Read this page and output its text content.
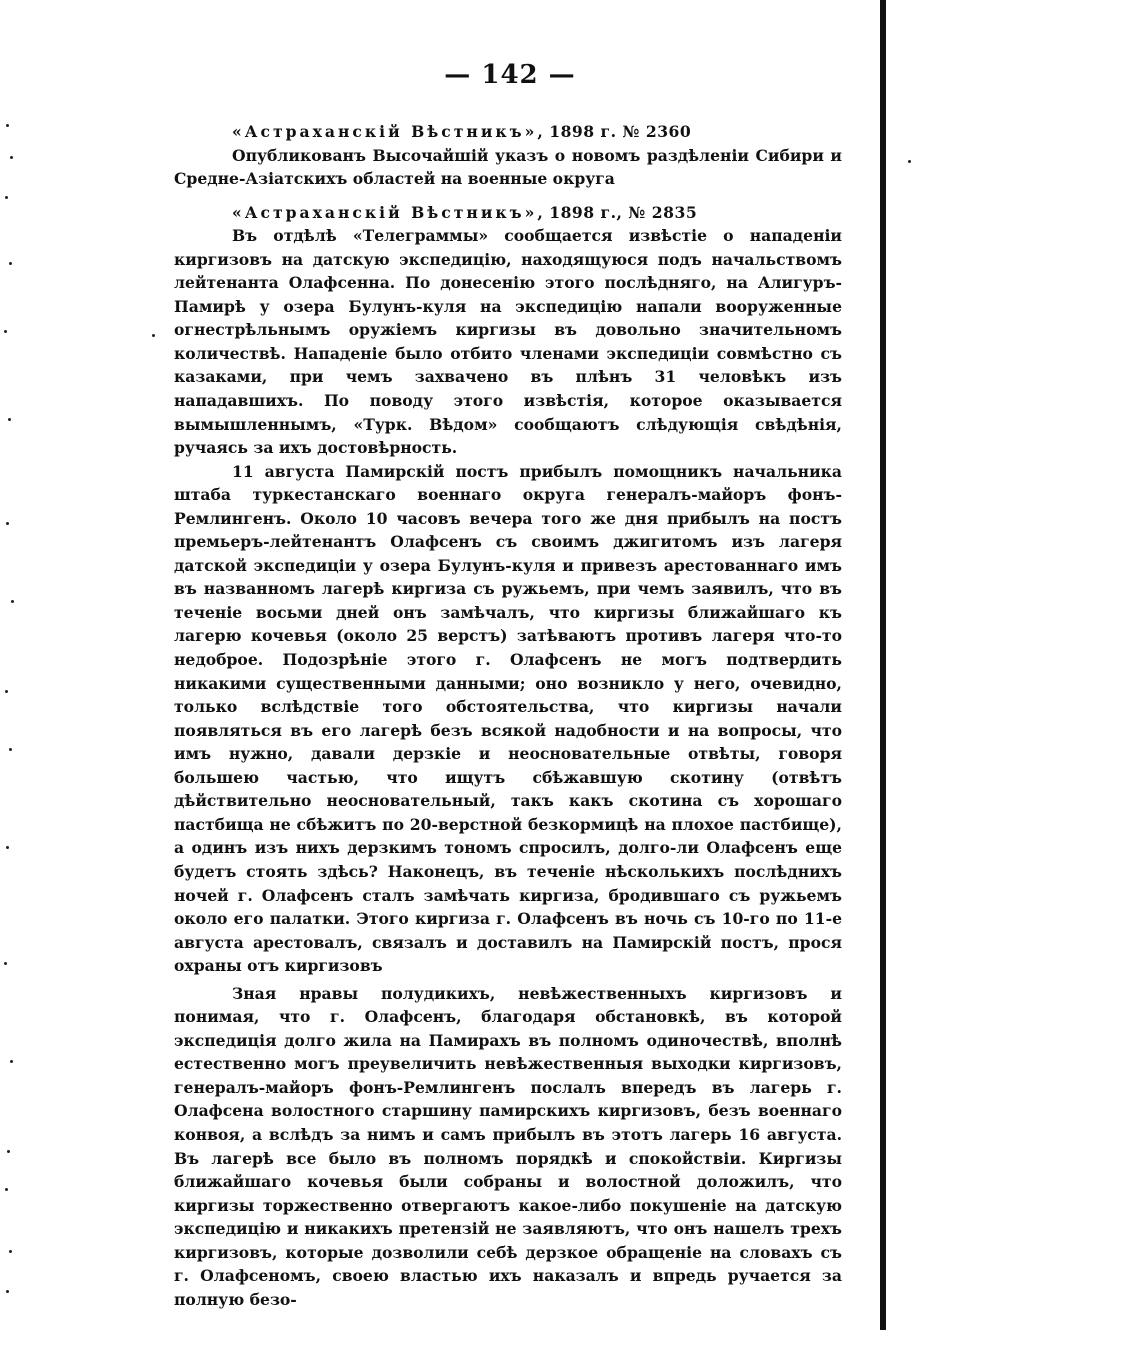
— 142 —

«Астраханскій Вѣстникъ», 1898 г. № 2360

Опубликованъ Высочайшій указъ о новомъ раздѣленіи Сибири и Средне-Азіатскихъ областей на военные округа

«Астраханскій Вѣстникъ», 1898 г., № 2835

Въ отдѣлѣ «Телеграммы» сообщается извѣстіе о нападеніи киргизовъ на датскую экспедицію, находящуюся подъ начальствомъ лейтенанта Олафсенна. По донесенію этого послѣдняго, на Алигуръ-Памирѣ у озера Булунъ-куля на экспедицію напали вооруженные огнестрѣльнымъ оружіемъ киргизы въ довольно значительномъ количествѣ. Нападеніе было отбито членами экспедиціи совмѣстно съ казаками, при чемъ захвачено въ плѣнъ 31 человѣкъ изъ нападавшихъ. По поводу этого извѣстія, которое оказывается вымышленнымъ, «Турк. Вѣдом» сообщаютъ слѣдующія свѣдѣнія, ручаясь за ихъ достовѣрность.

11 августа Памирскій постъ прибылъ помощникъ начальника штаба туркестанскаго военнаго округа генералъ-майоръ фонъ-Ремлингенъ. Около 10 часовъ вечера того же дня прибылъ на постъ премьеръ-лейтенантъ Олафсенъ съ своимъ джигитомъ изъ лагеря датской экспедиціи у озера Булунъ-куля и привезъ арестованнаго имъ въ названномъ лагерѣ киргиза съ ружьемъ, при чемъ заявилъ, что въ теченіе восьми дней онъ замѣчалъ, что киргизы ближайшаго къ лагерю кочевья (около 25 верстъ) затѣваютъ противъ лагеря что-то недоброе. Подозрѣніе этого г. Олафсенъ не могъ подтвердить никакими существенными данными; оно возникло у него, очевидно, только вслѣдствіе того обстоятельства, что киргизы начали появляться въ его лагерѣ безъ всякой надобности и на вопросы, что имъ нужно, давали дерзкіе и неосновательные отвѣты, говоря большею частью, что ищутъ сбѣжавшую скотину (отвѣтъ дѣйствительно неосновательный, такъ какъ скотина съ хорошаго пастбища не сбѣжитъ по 20-верстной безкормицѣ на плохое пастбище), а одинъ изъ нихъ дерзкимъ тономъ спросилъ, долго-ли Олафсенъ еще будетъ стоять здѣсь? Наконецъ, въ теченіе нѣсколькихъ послѣднихъ ночей г. Олафсенъ сталъ замѣчать киргиза, бродившаго съ ружьемъ около его палатки. Этого киргиза г. Олафсенъ въ ночь съ 10-го по 11-е августа арестовалъ, связалъ и доставилъ на Памирскій постъ, прося охраны отъ киргизовъ

Зная нравы полудикихъ, невѣжественныхъ киргизовъ и понимая, что г. Олафсенъ, благодаря обстановкѣ, въ которой экспедиція долго жила на Памирахъ въ полномъ одиночествѣ, вполнѣ естественно могъ преувеличить невѣжественныя выходки киргизовъ, генералъ-майоръ фонъ-Ремлингенъ послалъ впередъ въ лагерь г. Олафсена волостного старшину памирскихъ киргизовъ, безъ военнаго конвоя, а вслѣдъ за нимъ и самъ прибылъ въ этотъ лагерь 16 августа. Въ лагерѣ все было въ полномъ порядкѣ и спокойствіи. Киргизы ближайшаго кочевья были собраны и волостной доложилъ, что киргизы торжественно отвергаютъ какое-либо покушеніе на датскую экспедицію и никакихъ претензій не заявляютъ, что онъ нашелъ трехъ киргизовъ, которые дозволили себѣ дерзкое обращеніе на словахъ съ г. Олафсеномъ, своею властью ихъ наказалъ и впредь ручается за полную безо-
